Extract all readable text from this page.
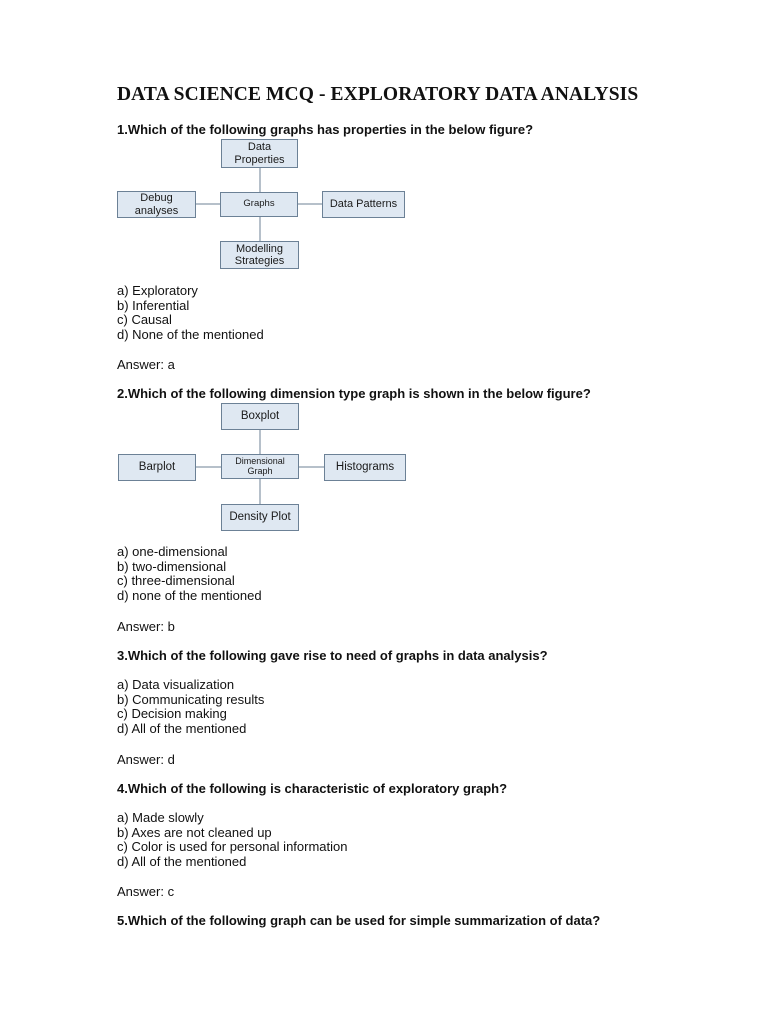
DATA SCIENCE MCQ - EXPLORATORY DATA ANALYSIS

1.Which of the following graphs has properties in the below figure?

Data Properties
Debug analyses
Graphs	Data Patterns
Modelling Strategies
a) Exploratory
b) Inferential
c) Causal
d) None of the mentioned

Answer: a

2.Which of the following dimension type graph is shown in the below figure?

Boxplot
Barplot
Dimensional Graph	Histograms
Density Plot
a) one-dimensional
b) two-dimensional
c) three-dimensional
d) none of the mentioned

Answer: b

3.Which of the following gave rise to need of graphs in data analysis?

a) Data visualization
b) Communicating results
c) Decision making
d) All of the mentioned

Answer: d

4.Which of the following is characteristic of exploratory graph?

a) Made slowly
b) Axes are not cleaned up
c) Color is used for personal information
d) All of the mentioned

Answer: c

5.Which of the following graph can be used for simple summarization of data?
